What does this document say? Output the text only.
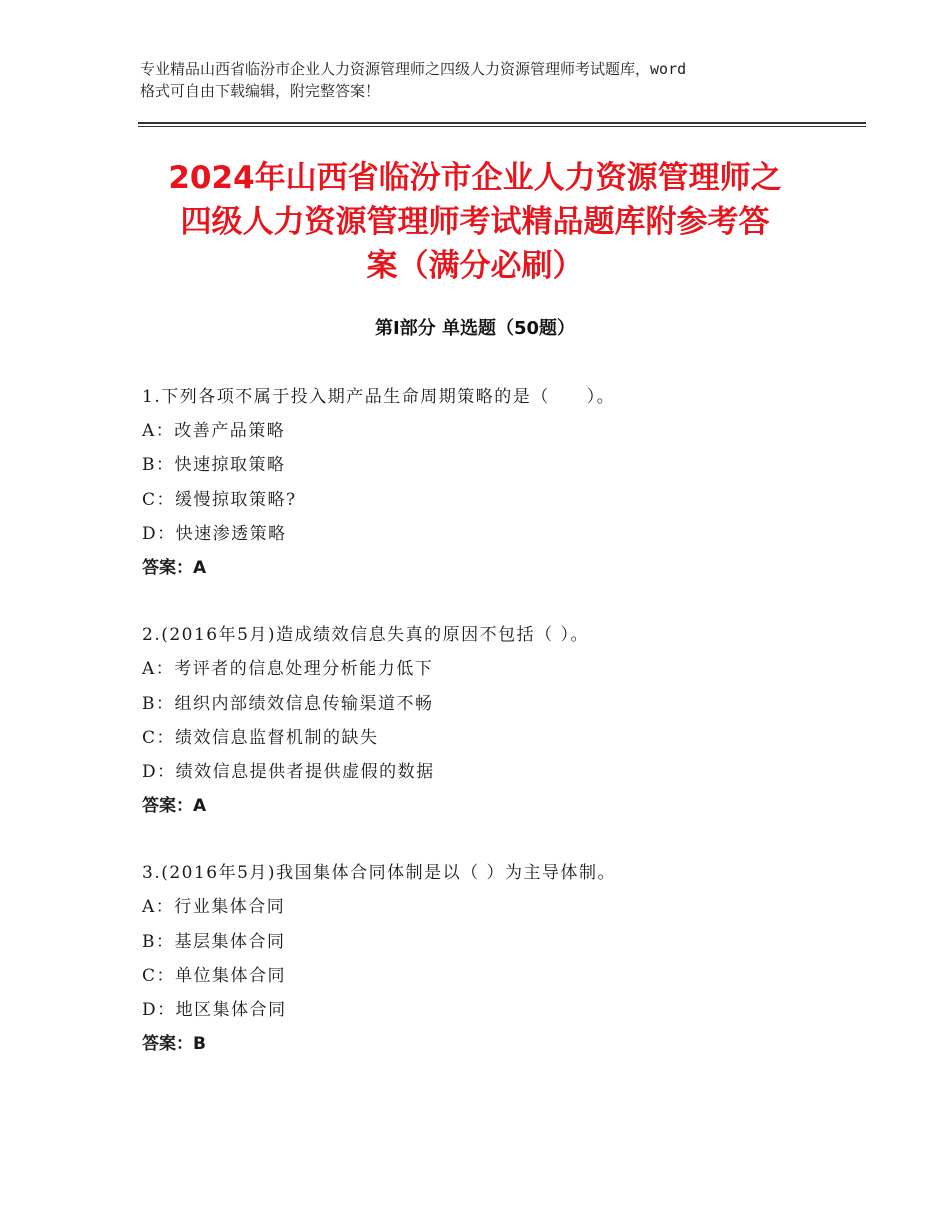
专业精品山西省临汾市企业人力资源管理师之四级人力资源管理师考试题库，word
格式可自由下载编辑，附完整答案！
2024年山西省临汾市企业人力资源管理师之
四级人力资源管理师考试精品题库附参考答
案（满分必刷）
第Ⅰ部分 单选题（50题）
1.下列各项不属于投入期产品生命周期策略的是（　　）。
A：改善产品策略
B：快速掠取策略
C：缓慢掠取策略?
D：快速渗透策略
答案：A
2.(2016年5月)造成绩效信息失真的原因不包括（ ）。
A：考评者的信息处理分析能力低下
B：组织内部绩效信息传输渠道不畅
C：绩效信息监督机制的缺失
D：绩效信息提供者提供虚假的数据
答案：A
3.(2016年5月)我国集体合同体制是以（ ）为主导体制。
A：行业集体合同
B：基层集体合同
C：单位集体合同
D：地区集体合同
答案：B
